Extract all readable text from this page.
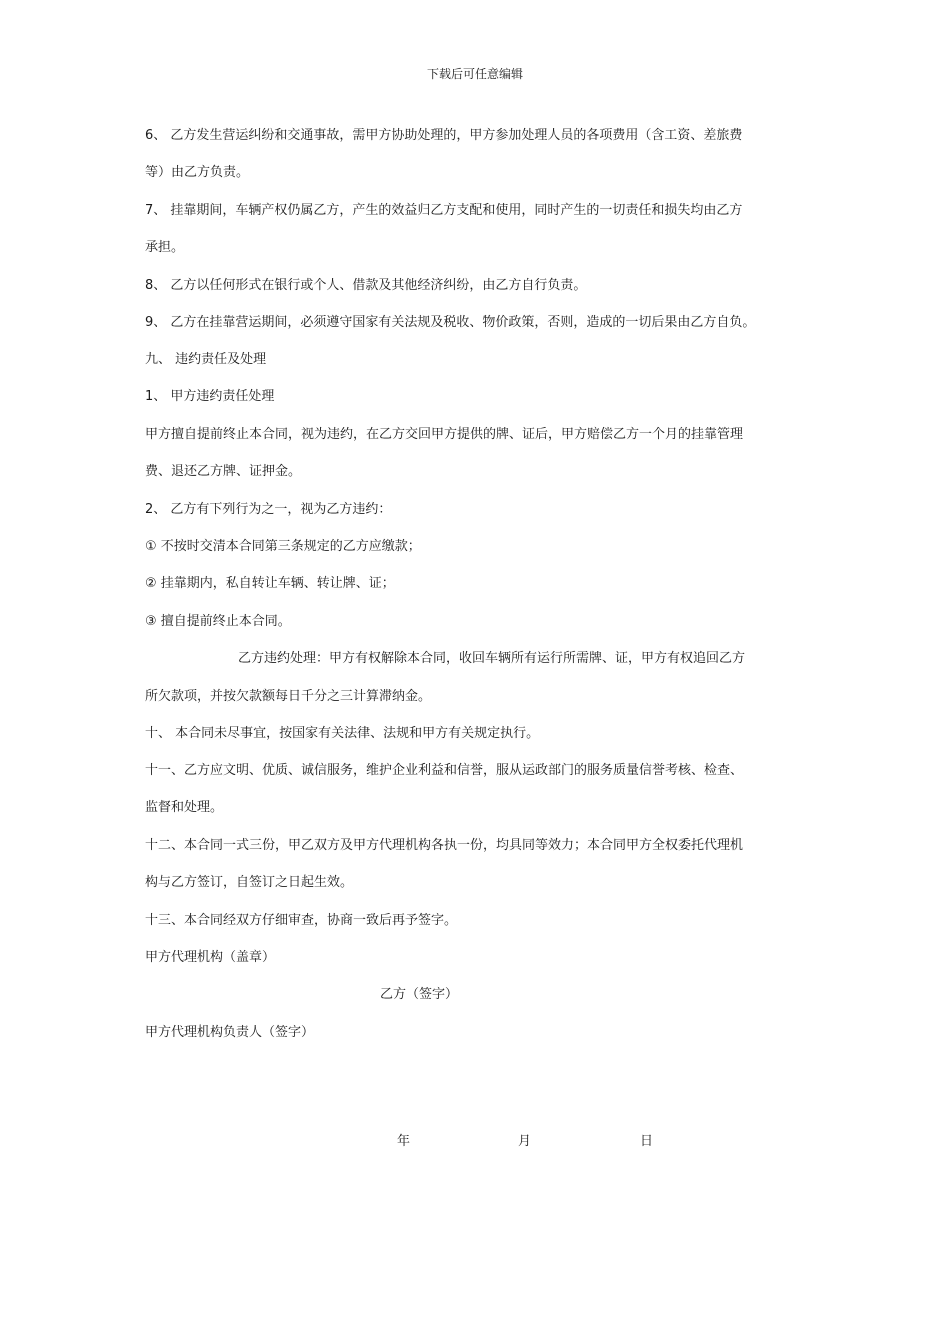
下载后可任意编辑
6、 乙方发生营运纠纷和交通事故，需甲方协助处理的，甲方参加处理人员的各项费用（含工资、差旅费
等）由乙方负责。
7、 挂靠期间，车辆产权仍属乙方，产生的效益归乙方支配和使用，同时产生的一切责任和损失均由乙方
承担。
8、 乙方以任何形式在银行或个人、借款及其他经济纠纷，由乙方自行负责。
9、 乙方在挂靠营运期间，必须遵守国家有关法规及税收、物价政策，否则，造成的一切后果由乙方自负。
九、 违约责任及处理
1、 甲方违约责任处理
甲方擅自提前终止本合同，视为违约，在乙方交回甲方提供的牌、证后，甲方赔偿乙方一个月的挂靠管理
费、退还乙方牌、证押金。
2、 乙方有下列行为之一，视为乙方违约：
① 不按时交清本合同第三条规定的乙方应缴款；
② 挂靠期内，私自转让车辆、转让牌、证；
③ 擅自提前终止本合同。
乙方违约处理：甲方有权解除本合同，收回车辆所有运行所需牌、证，甲方有权追回乙方
所欠款项，并按欠款额每日千分之三计算滞纳金。
十、 本合同未尽事宜，按国家有关法律、法规和甲方有关规定执行。
十一、乙方应文明、优质、诚信服务，维护企业利益和信誉，服从运政部门的服务质量信誉考核、检查、
监督和处理。
十二、本合同一式三份，甲乙双方及甲方代理机构各执一份，均具同等效力；本合同甲方全权委托代理机
构与乙方签订，自签订之日起生效。
十三、本合同经双方仔细审查，协商一致后再予签字。
甲方代理机构（盖章）
乙方（签字）
甲方代理机构负责人（签字）
年	月	日
